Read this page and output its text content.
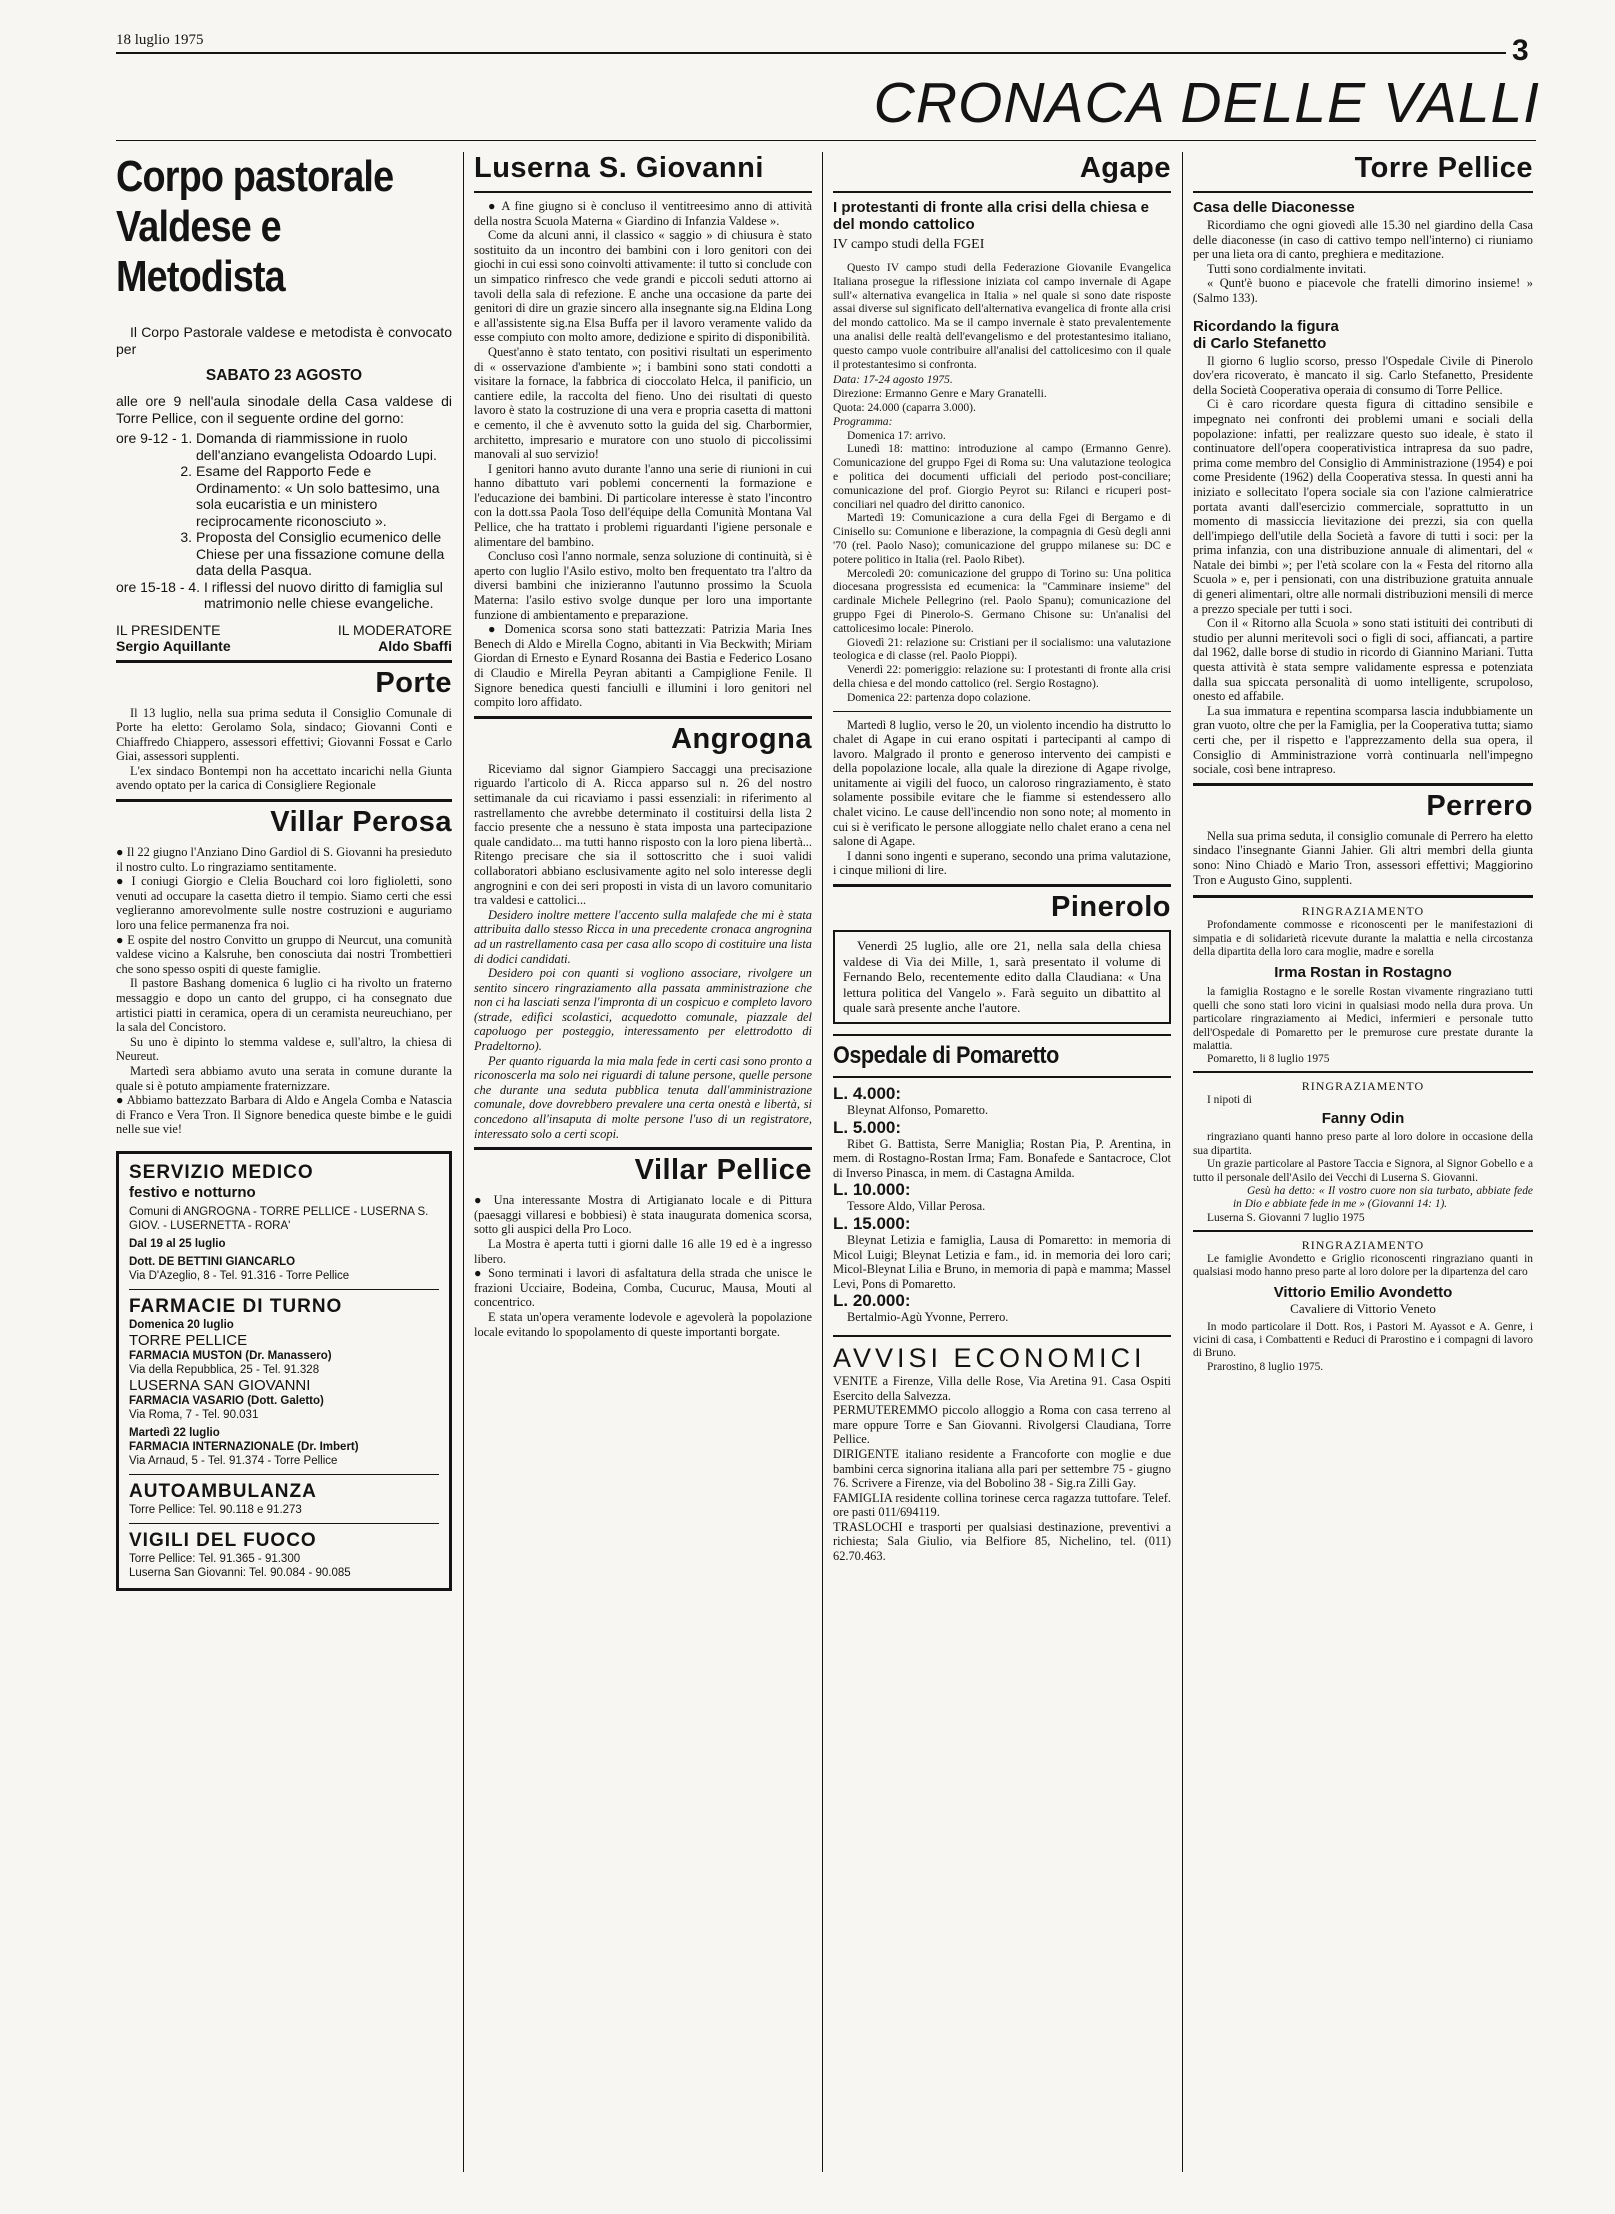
18 luglio 1975	3
CRONACA DELLE VALLI
Corpo pastorale
Valdese e Metodista

Il Corpo Pastorale valdese e metodista è convocato per

SABATO 23 AGOSTO

alle ore 9 nell'aula sinodale della Casa valdese di Torre Pellice, con il seguente ordine del gorno:

ore 9-12 - 1. Domanda di riammissione in ruolo dell'anziano evangelista Odoardo Lupi.
2. Esame del Rapporto Fede e Ordinamento: « Un solo battesimo, una sola eucaristia e un ministero reciprocamente riconosciuto ».
3. Proposta del Consiglio ecumenico delle Chiese per una fissazione comune della data della Pasqua.
ore 15-18 - 4. I riflessi del nuovo diritto di famiglia sul matrimonio nelle chiese evangeliche.
IL PRESIDENTE
Sergio Aquillante
IL MODERATORE
Aldo Sbaffi
Porte

Il 13 luglio, nella sua prima seduta il Consiglio Comunale di Porte ha eletto: Gerolamo Sola, sindaco; Giovanni Conti e Chiaffredo Chiappero, assessori effettivi; Giovanni Fossat e Carlo Giai, assessori supplenti.

L'ex sindaco Bontempi non ha accettato incarichi nella Giunta avendo optato per la carica di Consigliere Regionale

Villar Perosa

● Il 22 giugno l'Anziano Dino Gardiol di S. Giovanni ha presieduto il nostro culto. Lo ringraziamo sentitamente.

● I coniugi Giorgio e Clelia Bouchard coi loro figlioletti, sono venuti ad occupare la casetta dietro il tempio. Siamo certi che essi veglieranno amorevolmente sulle nostre costruzioni e auguriamo loro una felice permanenza fra noi.

● E ospite del nostro Convitto un gruppo di Neurcut, una comunità valdese vicino a Kalsruhe, ben conosciuta dai nostri Trombettieri che sono spesso ospiti di queste famiglie.

Il pastore Bashang domenica 6 luglio ci ha rivolto un fraterno messaggio e dopo un canto del gruppo, ci ha consegnato due artistici piatti in ceramica, opera di un ceramista neureuchiano, per la sala del Concistoro.

Su uno è dipinto lo stemma valdese e, sull'altro, la chiesa di Neureut.

Martedì sera abbiamo avuto una serata in comune durante la quale si è potuto ampiamente fraternizzare.

● Abbiamo battezzato Barbara di Aldo e Angela Comba e Natascia di Franco e Vera Tron. Il Signore benedica queste bimbe e le guidi nelle sue vie!

SERVIZIO MEDICO
festivo e notturno
Comuni di ANGROGNA - TORRE PELLICE - LUSERNA S. GIOV. - LUSERNETTA - RORA'
Dal 19 al 25 luglio
Dott. DE BETTINI GIANCARLO
Via D'Azeglio, 8 - Tel. 91.316 - Torre Pellice
FARMACIE DI TURNO
Domenica 20 luglio
TORRE PELLICE
FARMACIA MUSTON (Dr. Manassero)
Via della Repubblica, 25 - Tel. 91.328
LUSERNA SAN GIOVANNI
FARMACIA VASARIO (Dott. Galetto)
Via Roma, 7 - Tel. 90.031
Martedì 22 luglio
FARMACIA INTERNAZIONALE (Dr. Imbert)
Via Arnaud, 5 - Tel. 91.374 - Torre Pellice
AUTOAMBULANZA
Torre Pellice: Tel. 90.118 e 91.273
VIGILI DEL FUOCO
Torre Pellice: Tel. 91.365 - 91.300
Luserna San Giovanni: Tel. 90.084 - 90.085
Luserna S. Giovanni

● A fine giugno si è concluso il ventitreesimo anno di attività della nostra Scuola Materna « Giardino di Infanzia Valdese ».

Come da alcuni anni, il classico « saggio » di chiusura è stato sostituito da un incontro dei bambini con i loro genitori con dei giochi in cui essi sono coinvolti attivamente: il tutto si conclude con un simpatico rinfresco che vede grandi e piccoli seduti attorno ai tavoli della sala di refezione. E anche una occasione da parte dei genitori di dire un grazie sincero alla insegnante sig.na Eldina Long e all'assistente sig.na Elsa Buffa per il lavoro veramente valido da esse compiuto con molto amore, dedizione e spirito di disponibilità.

Quest'anno è stato tentato, con positivi risultati un esperimento di « osservazione d'ambiente »; i bambini sono stati condotti a visitare la fornace, la fabbrica di cioccolato Helca, il panificio, un cantiere edile, la raccolta del fieno. Uno dei risultati di questo lavoro è stato la costruzione di una vera e propria casetta di mattoni e cemento, il che è avvenuto sotto la guida del sig. Charbormier, architetto, impresario e muratore con uno stuolo di piccolissimi manovali al suo servizio!

I genitori hanno avuto durante l'anno una serie di riunioni in cui hanno dibattuto vari poblemi concernenti la formazione e l'educazione dei bambini. Di particolare interesse è stato l'incontro con la dott.ssa Paola Toso dell'équipe della Comunità Montana Val Pellice, che ha trattato i problemi riguardanti l'igiene personale e alimentare del bambino.

Concluso così l'anno normale, senza soluzione di continuità, si è aperto con luglio l'Asilo estivo, molto ben frequentato tra l'altro da diversi bambini che inizieranno l'autunno prossimo la Scuola Materna: l'asilo estivo svolge dunque per loro una importante funzione di ambientamento e preparazione.

● Domenica scorsa sono stati battezzati: Patrizia Maria Ines Benech di Aldo e Mirella Cogno, abitanti in Via Beckwith; Miriam Giordan di Ernesto e Eynard Rosanna dei Bastia e Federico Losano di Claudio e Mirella Peyran abitanti a Campiglione Fenile. Il Signore benedica questi fanciulli e illumini i loro genitori nel compito loro affidato.

Angrogna

Riceviamo dal signor Giampiero Saccaggi una precisazione riguardo l'articolo di A. Ricca apparso sul n. 26 del nostro settimanale da cui ricaviamo i passi essenziali: in riferimento al rastrellamento che avrebbe determinato il costituirsi della lista 2 faccio presente che a nessuno è stata imposta una partecipazione quale candidato... ma tutti hanno risposto con la loro piena libertà... Ritengo precisare che sia il sottoscritto che i suoi validi collaboratori abbiano esclusivamente agito nel solo interesse degli angrognini e con dei seri proposti in vista di un lavoro comunitario tra valdesi e cattolici...

Desidero inoltre mettere l'accento sulla malafede che mi è stata attribuita dallo stesso Ricca in una precedente cronaca angrognina ad un rastrellamento casa per casa allo scopo di costituire una lista di dodici candidati.

Desidero poi con quanti si vogliono associare, rivolgere un sentito sincero ringraziamento alla passata amministrazione che non ci ha lasciati senza l'impronta di un cospicuo e completo lavoro (strade, edifici scolastici, acquedotto comunale, piazzale del capoluogo per posteggio, interessamento per elettrodotto di Pradeltorno).

Per quanto riguarda la mia mala fede in certi casi sono pronto a riconoscerla ma solo nei riguardi di talune persone, quelle persone che durante una seduta pubblica tenuta dall'amministrazione comunale, dove dovrebbero prevalere una certa onestà e libertà, si concedono all'insaputa di molte persone l'uso di un registratore, interessato solo a certi scopi.

Villar Pellice

● Una interessante Mostra di Artigianato locale e di Pittura (paesaggi villaresi e bobbiesi) è stata inaugurata domenica scorsa, sotto gli auspici della Pro Loco.

La Mostra è aperta tutti i giorni dalle 16 alle 19 ed è a ingresso libero.

● Sono terminati i lavori di asfaltatura della strada che unisce le frazioni Ucciaire, Bodeina, Comba, Cucuruc, Mausa, Mouti al concentrico.

E stata un'opera veramente lodevole e agevolerà la popolazione locale evitando lo spopolamento di queste importanti borgate.

Agape
I protestanti di fronte alla crisi della chiesa e del mondo cattolico
IV campo studi della FGEI

Questo IV campo studi della Federazione Giovanile Evangelica Italiana prosegue la riflessione iniziata col campo invernale di Agape sull'« alternativa evangelica in Italia » nel quale si sono date risposte assai diverse sul significato dell'alternativa evangelica di fronte alla crisi del mondo cattolico. Ma se il campo invernale è stato prevalentemente una analisi delle realtà dell'evangelismo e del protestantesimo italiano, questo campo vuole contribuire all'analisi del cattolicesimo con il quale il protestantesimo si confronta.

Data: 17-24 agosto 1975.
Direzione: Ermanno Genre e Mary Granatelli.
Quota: 24.000 (caparra 3.000).
Programma:
Domenica 17: arrivo.
Lunedì 18: mattino: introduzione al campo (Ermanno Genre). Comunicazione del gruppo Fgei di Roma su: Una valutazione teologica e politica dei documenti ufficiali del periodo post-conciliare; comunicazione del prof. Giorgio Peyrot su: Rilanci e ricuperi post-conciliari nel quadro del diritto canonico.
Martedì 19: Comunicazione a cura della Fgei di Bergamo e di Cinisello su: Comunione e liberazione, la compagnia di Gesù degli anni '70 (rel. Paolo Naso); comunicazione del gruppo milanese su: DC e potere politico in Italia (rel. Paolo Ribet).
Mercoledì 20: comunicazione del gruppo di Torino su: Una politica diocesana progressista ed ecumenica: la "Camminare insieme" del cardinale Michele Pellegrino (rel. Paolo Spanu); comunicazione del gruppo Fgei di Pinerolo-S. Germano Chisone su: Un'analisi del cattolicesimo locale: Pinerolo.
Giovedì 21: relazione su: Cristiani per il socialismo: una valutazione teologica e di classe (rel. Paolo Pioppi).
Venerdì 22: pomeriggio: relazione su: I protestanti di fronte alla crisi della chiesa e del mondo cattolico (rel. Sergio Rostagno).
Domenica 22: partenza dopo colazione.

Martedì 8 luglio, verso le 20, un violento incendio ha distrutto lo chalet di Agape in cui erano ospitati i partecipanti al campo di lavoro. Malgrado il pronto e generoso intervento dei campisti e della popolazione locale, alla quale la direzione di Agape rivolge, unitamente ai vigili del fuoco, un caloroso ringraziamento, è stato solamente possibile evitare che le fiamme si estendessero allo chalet vicino. Le cause dell'incendio non sono note; al momento in cui si è verificato le persone alloggiate nello chalet erano a cena nel salone di Agape.

I danni sono ingenti e superano, secondo una prima valutazione, i cinque milioni di lire.

Pinerolo

Venerdì 25 luglio, alle ore 21, nella sala della chiesa valdese di Via dei Mille, 1, sarà presentato il volume di Fernando Belo, recentemente edito dalla Claudiana: « Una lettura politica del Vangelo ». Farà seguito un dibattito al quale sarà presente anche l'autore.

Ospedale di Pomaretto
L. 4.000:

Bleynat Alfonso, Pomaretto.

L. 5.000:

Ribet G. Battista, Serre Maniglia; Rostan Pia, P. Arentina, in mem. di Rostagno-Rostan Irma; Fam. Bonafede e Santacroce, Clot di Inverso Pinasca, in mem. di Castagna Amilda.

L. 10.000:

Tessore Aldo, Villar Perosa.

L. 15.000:

Bleynat Letizia e famiglia, Lausa di Pomaretto: in memoria di Micol Luigi; Bleynat Letizia e fam., id. in memoria dei loro cari; Micol-Bleynat Lilia e Bruno, in memoria di papà e mamma; Massel Levi, Pons di Pomaretto.

L. 20.000:

Bertalmio-Agù Yvonne, Perrero.

AVVISI ECONOMICI
VENITE a Firenze, Villa delle Rose, Via Aretina 91. Casa Ospiti Esercito della Salvezza.
PERMUTEREMMO piccolo alloggio a Roma con casa terreno al mare oppure Torre e San Giovanni. Rivolgersi Claudiana, Torre Pellice.
DIRIGENTE italiano residente a Francoforte con moglie e due bambini cerca signorina italiana alla pari per settembre 75 - giugno 76. Scrivere a Firenze, via del Bobolino 38 - Sig.ra Zilli Gay.
FAMIGLIA residente collina torinese cerca ragazza tuttofare. Telef. ore pasti 011/694119.
TRASLOCHI e trasporti per qualsiasi destinazione, preventivi a richiesta; Sala Giulio, via Belfiore 85, Nichelino, tel. (011) 62.70.463.
Torre Pellice
Casa delle Diaconesse

Ricordiamo che ogni giovedì alle 15.30 nel giardino della Casa delle diaconesse (in caso di cattivo tempo nell'interno) ci riuniamo per una lieta ora di canto, preghiera e meditazione.

Tutti sono cordialmente invitati.

« Qunt'è buono e piacevole che fratelli dimorino insieme! » (Salmo 133).

Ricordando la figura
di Carlo Stefanetto

Il giorno 6 luglio scorso, presso l'Ospedale Civile di Pinerolo dov'era ricoverato, è mancato il sig. Carlo Stefanetto, Presidente della Società Cooperativa operaia di consumo di Torre Pellice.

Ci è caro ricordare questa figura di cittadino sensibile e impegnato nei confronti dei problemi umani e sociali della popolazione: infatti, per realizzare questo suo ideale, è stato il continuatore dell'opera cooperativistica intrapresa da suo padre, prima come membro del Consiglio di Amministrazione (1954) e poi come Presidente (1962) della Cooperativa stessa. In questi anni ha iniziato e sollecitato l'opera sociale sia con l'azione calmieratrice portata avanti dall'esercizio commerciale, soprattutto in un momento di massiccia lievitazione dei prezzi, sia con quella dell'impiego dell'utile della Società a favore di tutti i soci: per la prima infanzia, con una distribuzione annuale di alimentari, del « Natale dei bimbi »; per l'età scolare con la « Festa del ritorno alla Scuola » e, per i pensionati, con una distribuzione gratuita annuale di generi alimentari, oltre alle normali distribuzioni mensili di merce a prezzo speciale per tutti i soci.

Con il « Ritorno alla Scuola » sono stati istituiti dei contributi di studio per alunni meritevoli soci o figli di soci, affiancati, a partire dal 1962, dalle borse di studio in ricordo di Giannino Mariani. Tutta questa attività è stata sempre validamente espressa e potenziata dalla sua spiccata personalità di uomo intelligente, scrupoloso, onesto ed affabile.

La sua immatura e repentina scomparsa lascia indubbiamente un gran vuoto, oltre che per la Famiglia, per la Cooperativa tutta; siamo certi che, per il rispetto e l'apprezzamento della sua opera, il Consiglio di Amministrazione vorrà continuarla nell'impegno sociale, così bene intrapreso.

Perrero

Nella sua prima seduta, il consiglio comunale di Perrero ha eletto sindaco l'insegnante Gianni Jahier. Gli altri membri della giunta sono: Nino Chiadò e Mario Tron, assessori effettivi; Maggiorino Tron e Augusto Gino, supplenti.

RINGRAZIAMENTO

Profondamente commosse e riconoscenti per le manifestazioni di simpatia e di solidarietà ricevute durante la malattia e nella circostanza della dipartita della loro cara moglie, madre e sorella

Irma Rostan in Rostagno

la famiglia Rostagno e le sorelle Rostan vivamente ringraziano tutti quelli che sono stati loro vicini in qualsiasi modo nella dura prova. Un particolare ringraziamento ai Medici, infermieri e personale tutto dell'Ospedale di Pomaretto per le premurose cure prestate durante la malattia.

Pomaretto, li 8 luglio 1975
RINGRAZIAMENTO
I nipoti di
Fanny Odin

ringraziano quanti hanno preso parte al loro dolore in occasione della sua dipartita.

Un grazie particolare al Pastore Taccia e Signora, al Signor Gobello e a tutto il personale dell'Asilo dei Vecchi di Luserna S. Giovanni.

Gesù ha detto: « Il vostro cuore non sia turbato, abbiate fede in Dio e abbiate fede in me » (Giovanni 14: 1).

Luserna S. Giovanni 7 luglio 1975
RINGRAZIAMENTO

Le famiglie Avondetto e Griglio riconoscenti ringraziano quanti in qualsiasi modo hanno preso parte al loro dolore per la dipartenza del caro

Vittorio Emilio Avondetto
Cavaliere di Vittorio Veneto

In modo particolare il Dott. Ros, i Pastori M. Ayassot e A. Genre, i vicini di casa, i Combattenti e Reduci di Prarostino e i compagni di lavoro di Bruno.

Prarostino, 8 luglio 1975.
